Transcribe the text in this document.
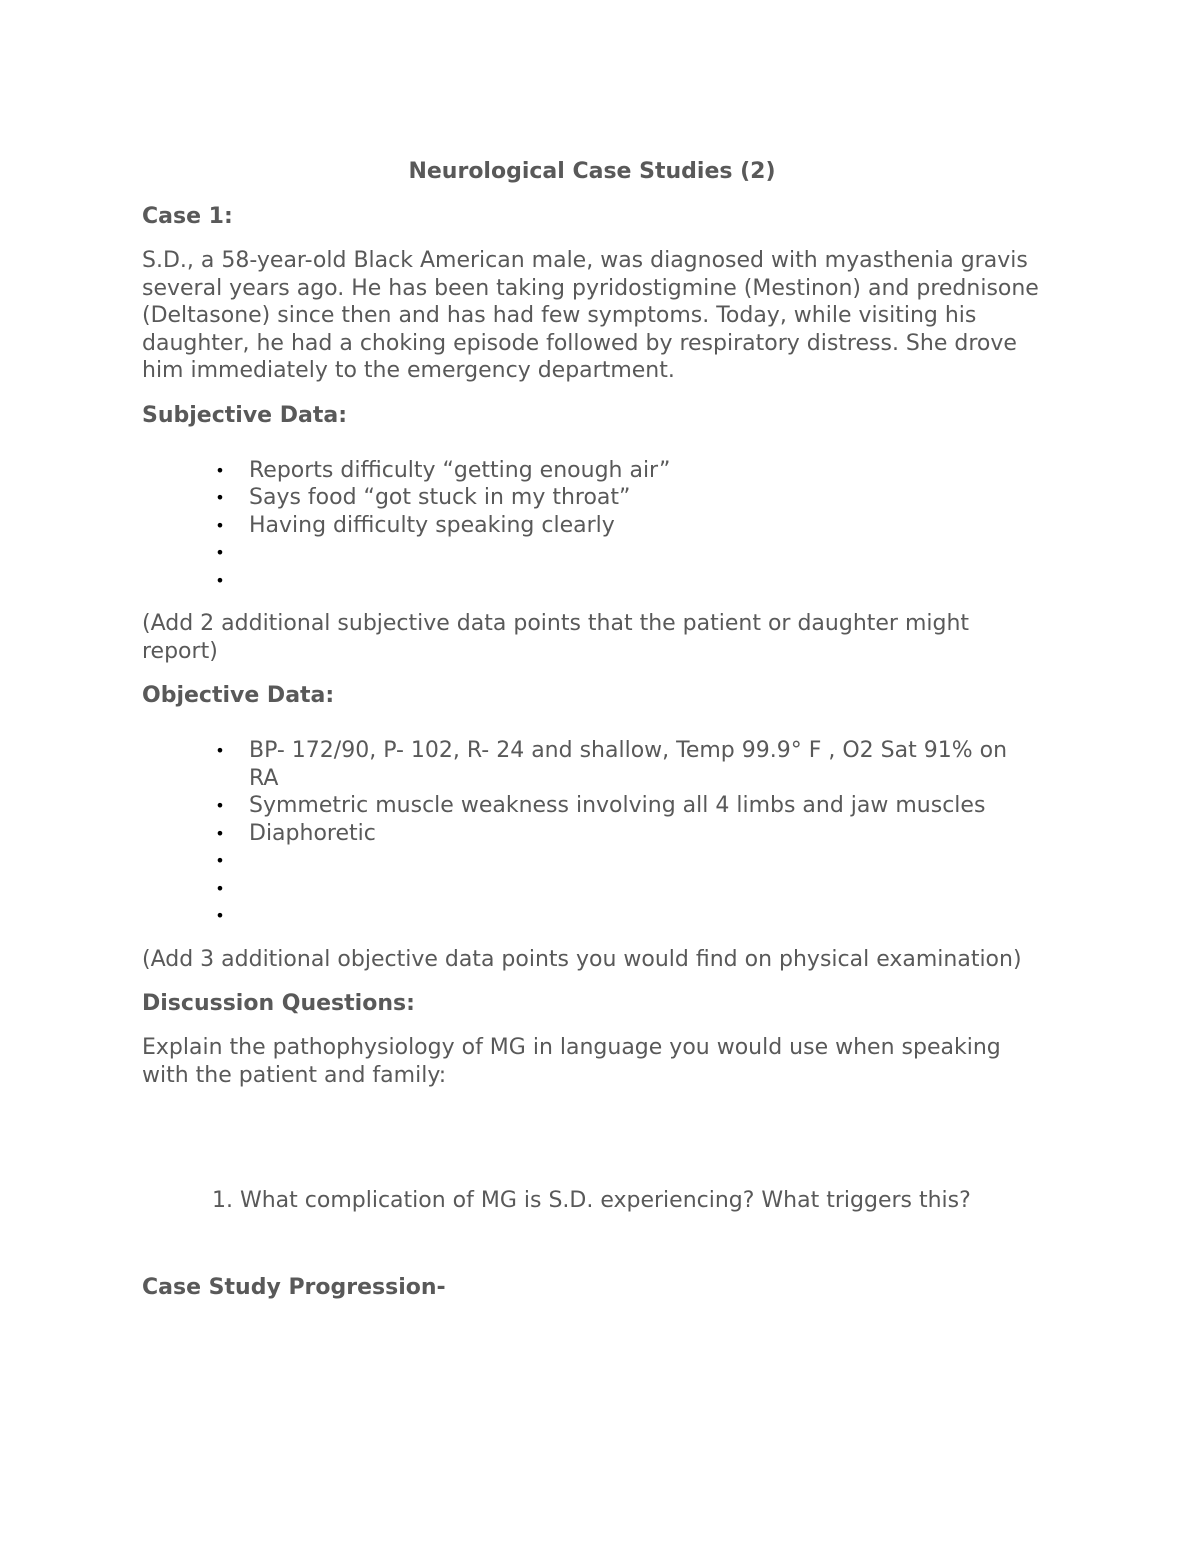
Neurological Case Studies (2)
Case 1:

S.D., a 58-year-old Black American male, was diagnosed with myasthenia gravis several years ago. He has been taking pyridostigmine (Mestinon) and prednisone (Deltasone) since then and has had few symptoms. Today, while visiting his daughter, he had a choking episode followed by respiratory distress. She drove him immediately to the emergency department.

Subjective Data:
• Reports difficulty “getting enough air”
• Says food “got stuck in my throat”
• Having difficulty speaking clearly
•
•

(Add 2 additional subjective data points that the patient or daughter might report)

Objective Data:
• BP- 172/90, P- 102, R- 24 and shallow, Temp 99.9° F , O2 Sat 91% on RA
• Symmetric muscle weakness involving all 4 limbs and jaw muscles
• Diaphoretic
•
•
•

(Add 3 additional objective data points you would find on physical examination)

Discussion Questions:

Explain the pathophysiology of MG in language you would use when speaking with the patient and family:

1. What complication of MG is S.D. experiencing? What triggers this?

Case Study Progression-
